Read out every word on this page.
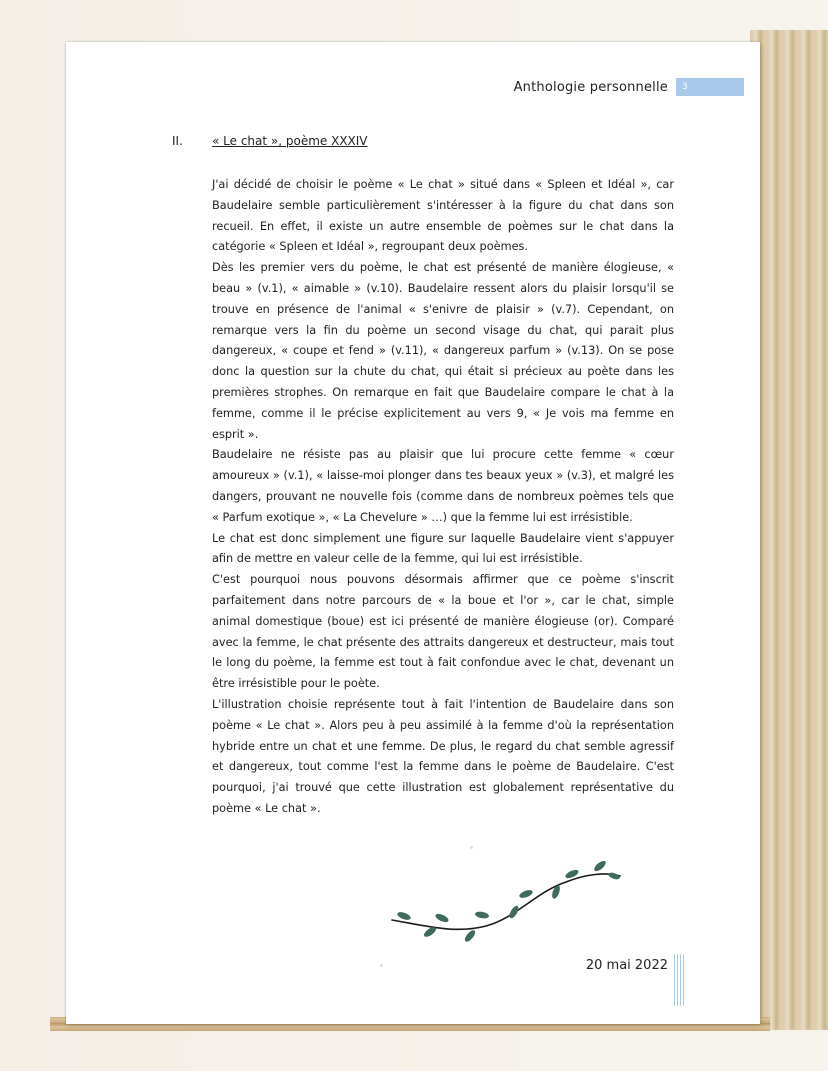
Anthologie personnelle	3
II.	« Le chat », poème XXXIV

J'ai décidé de choisir le poème « Le chat » situé dans « Spleen et Idéal », car Baudelaire semble particulièrement s'intéresser à la figure du chat dans son recueil. En effet, il existe un autre ensemble de poèmes sur le chat dans la catégorie « Spleen et Idéal », regroupant deux poèmes.

Dès les premier vers du poème, le chat est présenté de manière élogieuse, « beau » (v.1), « aimable » (v.10). Baudelaire ressent alors du plaisir lorsqu'il se trouve en présence de l'animal « s'enivre de plaisir » (v.7). Cependant, on remarque vers la fin du poème un second visage du chat, qui parait plus dangereux, « coupe et fend » (v.11), « dangereux parfum » (v.13). On se pose donc la question sur la chute du chat, qui était si précieux au poète dans les premières strophes. On remarque en fait que Baudelaire compare le chat à la femme, comme il le précise explicitement au vers 9, « Je vois ma femme en esprit ».

Baudelaire ne résiste pas au plaisir que lui procure cette femme « cœur amoureux » (v.1), « laisse-moi plonger dans tes beaux yeux » (v.3), et malgré les dangers, prouvant ne nouvelle fois (comme dans de nombreux poèmes tels que « Parfum exotique », « La Chevelure » …) que la femme lui est irrésistible.

Le chat est donc simplement une figure sur laquelle Baudelaire vient s'appuyer afin de mettre en valeur celle de la femme, qui lui est irrésistible.

C'est pourquoi nous pouvons désormais affirmer que ce poème s'inscrit parfaitement dans notre parcours de « la boue et l'or », car le chat, simple animal domestique (boue) est ici présenté de manière élogieuse (or). Comparé avec la femme, le chat présente des attraits dangereux et destructeur, mais tout le long du poème, la femme est tout à fait confondue avec le chat, devenant un être irrésistible pour le poète.

L'illustration choisie représente tout à fait l'intention de Baudelaire dans son poème « Le chat ». Alors peu à peu assimilé à la femme d'où la représentation hybride entre un chat et une femme. De plus, le regard du chat semble agressif et dangereux, tout comme l'est la femme dans le poème de Baudelaire. C'est pourquoi, j'ai trouvé que cette illustration est globalement représentative du poème « Le chat ».

20 mai 2022
